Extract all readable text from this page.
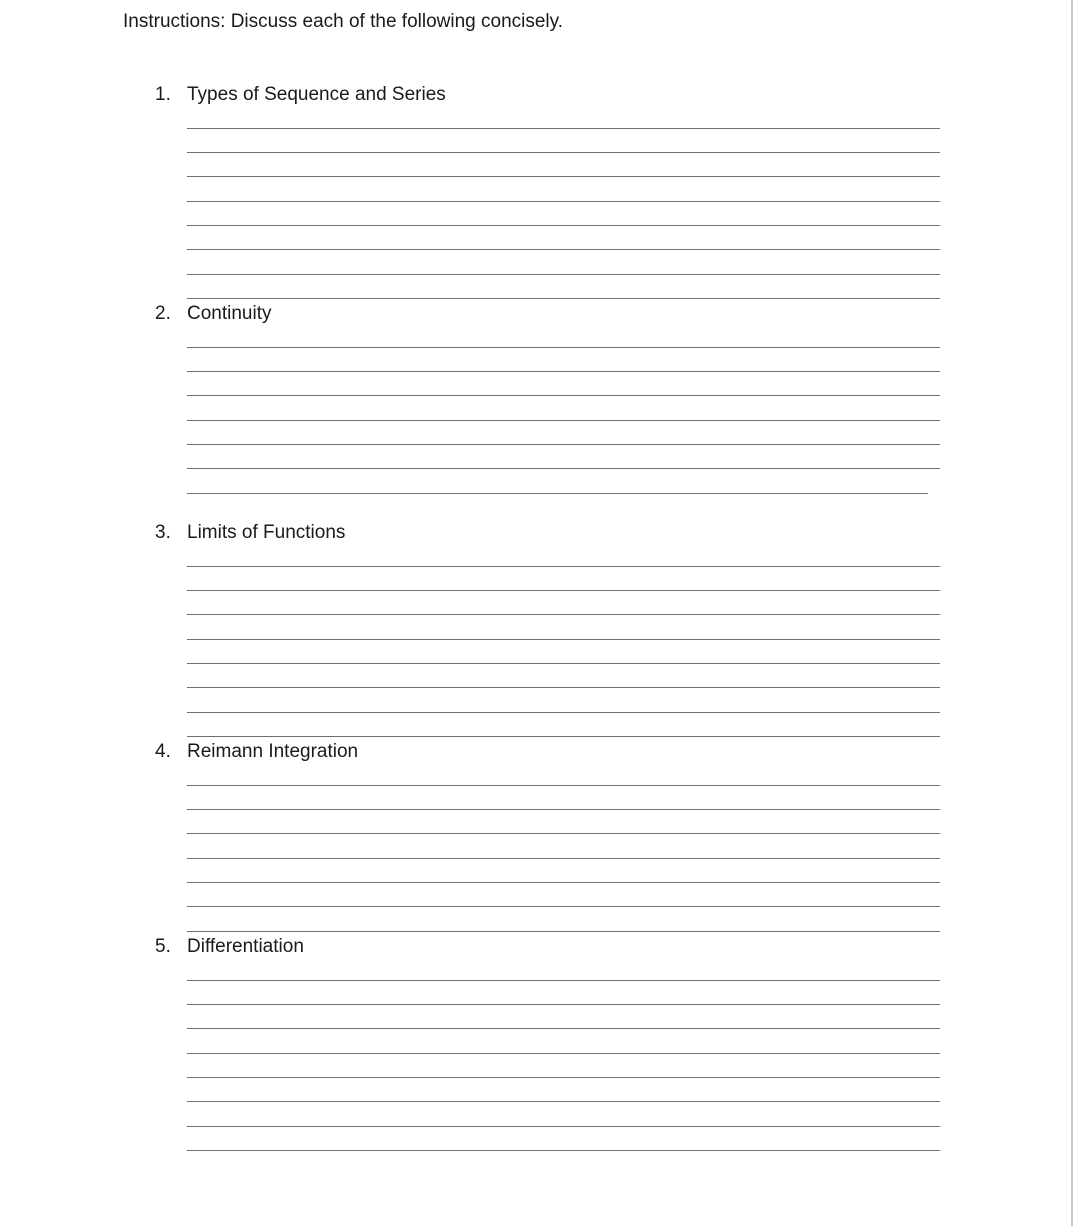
Instructions: Discuss each of the following concisely.
1. Types of Sequence and Series
2. Continuity
3. Limits of Functions
4. Reimann Integration
5. Differentiation
